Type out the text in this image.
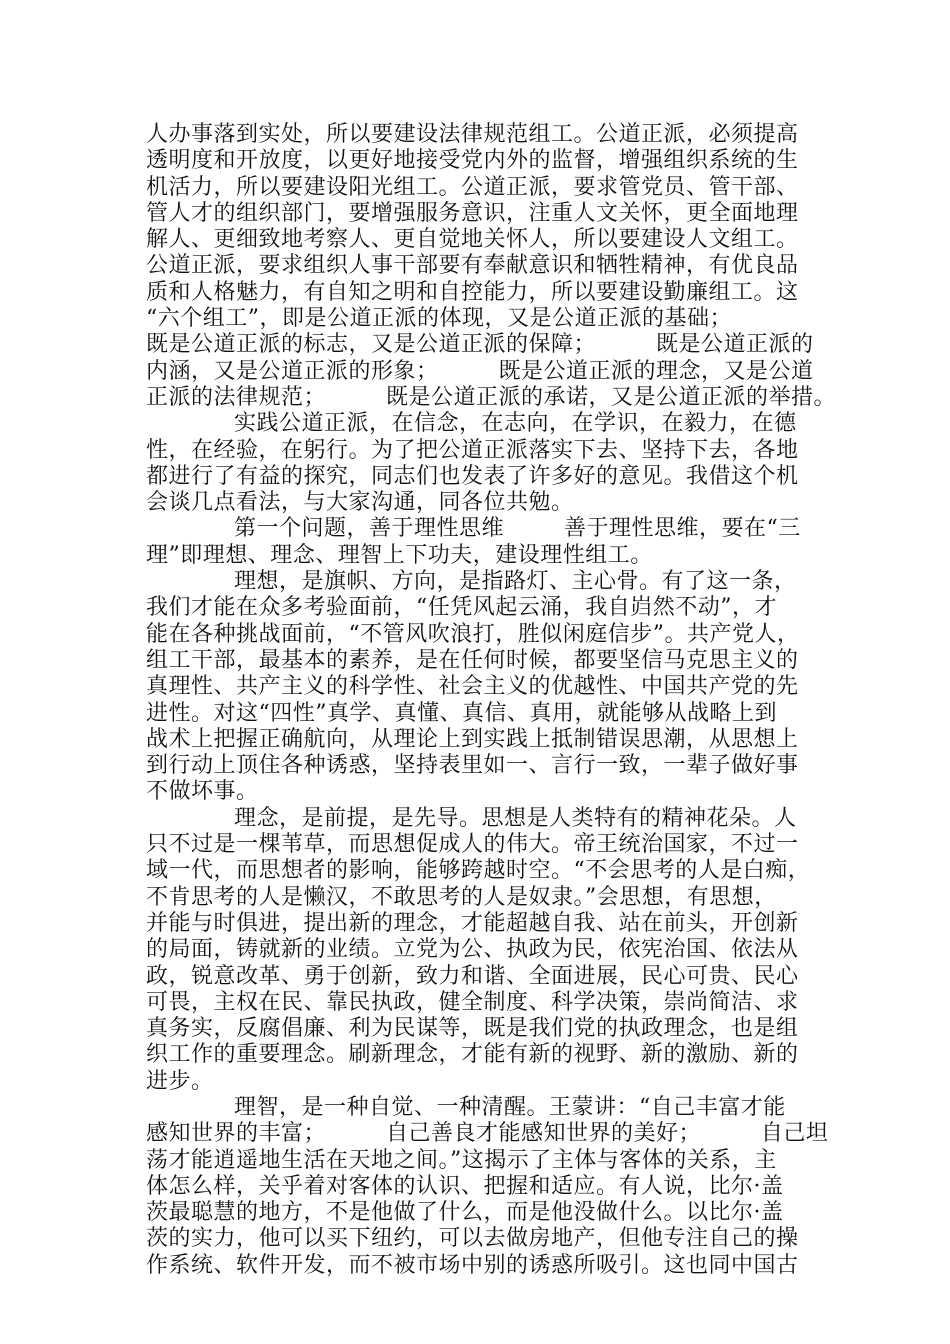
人办事落到实处，所以要建设法律规范组工。公道正派，必须提高
透明度和开放度，以更好地接受党内外的监督，增强组织系统的生
机活力，所以要建设阳光组工。公道正派，要求管党员、管干部、
管人才的组织部门，要增强服务意识，注重人文关怀，更全面地理
解人、更细致地考察人、更自觉地关怀人，所以要建设人文组工。
公道正派，要求组织人事干部要有奉献意识和牺牲精神，有优良品
质和人格魅力，有自知之明和自控能力，所以要建设勤廉组工。这
“六个组工”，即是公道正派的体现，又是公道正派的基础；
既是公道正派的标志，又是公道正派的保障；        既是公道正派的
内涵，又是公道正派的形象；        既是公道正派的理念，又是公道
正派的法律规范；        既是公道正派的承诺，又是公道正派的举措。
实践公道正派，在信念，在志向，在学识，在毅力，在德
性，在经验，在躬行。为了把公道正派落实下去、坚持下去，各地
都进行了有益的探究，同志们也发表了许多好的意见。我借这个机
会谈几点看法，与大家沟通，同各位共勉。
第一个问题，善于理性思维        善于理性思维，要在“三
理”即理想、理念、理智上下功夫，建设理性组工。
理想，是旗帜、方向，是指路灯、主心骨。有了这一条，
我们才能在众多考验面前，“任凭风起云涌，我自岿然不动”，才
能在各种挑战面前，“不管风吹浪打，胜似闲庭信步”。共产党人，
组工干部，最基本的素养，是在任何时候，都要坚信马克思主义的
真理性、共产主义的科学性、社会主义的优越性、中国共产党的先
进性。对这“四性”真学、真懂、真信、真用，就能够从战略上到
战术上把握正确航向，从理论上到实践上抵制错误思潮，从思想上
到行动上顶住各种诱惑，坚持表里如一、言行一致，一辈子做好事
不做坏事。
理念，是前提，是先导。思想是人类特有的精神花朵。人
只不过是一棵苇草，而思想促成人的伟大。帝王统治国家，不过一
域一代，而思想者的影响，能够跨越时空。“不会思考的人是白痴，
不肯思考的人是懒汉，不敢思考的人是奴隶。”会思想，有思想，
并能与时俱进，提出新的理念，才能超越自我、站在前头，开创新
的局面，铸就新的业绩。立党为公、执政为民，依宪治国、依法从
政，锐意改革、勇于创新，致力和谐、全面进展，民心可贵、民心
可畏，主权在民、靠民执政，健全制度、科学决策，崇尚简洁、求
真务实，反腐倡廉、利为民谋等，既是我们党的执政理念，也是组
织工作的重要理念。刷新理念，才能有新的视野、新的激励、新的
进步。
理智，是一种自觉、一种清醒。王蒙讲：“自己丰富才能
感知世界的丰富；        自己善良才能感知世界的美好；        自己坦
荡才能逍遥地生活在天地之间。”这揭示了主体与客体的关系，主
体怎么样，关乎着对客体的认识、把握和适应。有人说，比尔·盖
茨最聪慧的地方，不是他做了什么，而是他没做什么。以比尔·盖
茨的实力，他可以买下纽约，可以去做房地产，但他专注自己的操
作系统、软件开发，而不被市场中别的诱惑所吸引。这也同中国古
